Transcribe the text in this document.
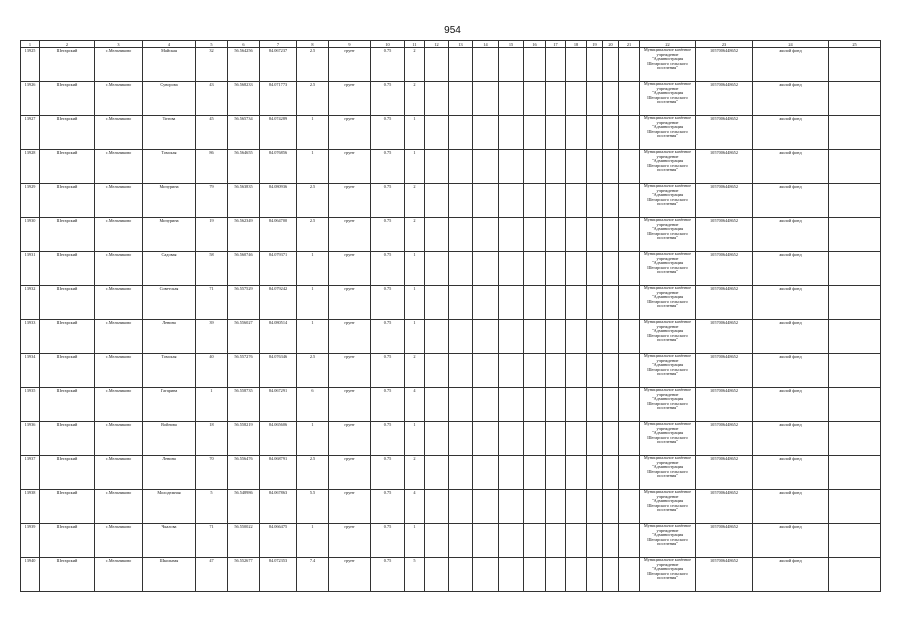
954
1	2	3	4	5	6	7	8	9	10	11	12	13	14	15	16	17	18	19	20	21	22	23	24	25
13925	Шегарский	с.Мельниково	Майская	32	56.564256	84.067237	2.5	грунт	0.75	2											Муниципальное казённое учреждение "Администрация Шегарского сельского поселения"	1057006448652	жилой фонд	
13926	Шегарский	с.Мельниково	Суворова	43	56.568233	84.071773	2.5	грунт	0.75	2											Муниципальное казённое учреждение "Администрация Шегарского сельского поселения"	1057006448652	жилой фонд	
13927	Шегарский	с.Мельниково	Титова	45	56.565734	84.074289	1	грунт	0.75	1											Муниципальное казённое учреждение "Администрация Шегарского сельского поселения"	1057006448652	жилой фонд	
13928	Шегарский	с.Мельниково	Томская	86	56.564655	84.076856	1	грунт	0.75	1											Муниципальное казённое учреждение "Администрация Шегарского сельского поселения"	1057006448652	жилой фонд	
13929	Шегарский	с.Мельниково	Мичурина	79	56.563835	84.080936	2.5	грунт	0.75	2											Муниципальное казённое учреждение "Администрация Шегарского сельского поселения"	1057006448652	жилой фонд	
13930	Шегарский	с.Мельниково	Мичурина	19	56.562349	84.064700	2.5	грунт	0.75	2											Муниципальное казённое учреждение "Администрация Шегарского сельского поселения"	1057006448652	жилой фонд	
13931	Шегарский	с.Мельниково	Садовая	58	56.560746	84.079371	1	грунт	0.75	1											Муниципальное казённое учреждение "Администрация Шегарского сельского поселения"	1057006448652	жилой фонд	
13932	Шегарский	с.Мельниково	Советская	71	56.557529	84.079242	1	грунт	0.75	1											Муниципальное казённое учреждение "Администрация Шегарского сельского поселения"	1057006448652	жилой фонд	
13933	Шегарский	с.Мельниково	Ленина	39	56.556027	84.080514	1	грунт	0.75	1											Муниципальное казённое учреждение "Администрация Шегарского сельского поселения"	1057006448652	жилой фонд	
13934	Шегарский	с.Мельниково	Томская	40	56.557276	84.076346	2.5	грунт	0.75	2											Муниципальное казённое учреждение "Администрация Шегарского сельского поселения"	1057006448652	жилой фонд	
13935	Шегарский	с.Мельниково	Гагарина	1	56.558735	84.067291	6	грунт	0.75	4											Муниципальное казённое учреждение "Администрация Шегарского сельского поселения"	1057006448652	жилой фонд	
13936	Шегарский	с.Мельниково	Войнова	18	56.558219	84.065606	1	грунт	0.75	1											Муниципальное казённое учреждение "Администрация Шегарского сельского поселения"	1057006448652	жилой фонд	
13937	Шегарский	с.Мельниково	Ленина	70	56.556476	84.068791	2.5	грунт	0.75	2											Муниципальное казённое учреждение "Администрация Шегарского сельского поселения"	1057006448652	жилой фонд	
13938	Шегарский	с.Мельниково	Молодежная	5	56.548986	84.067863	5.5	грунт	0.75	4											Муниципальное казённое учреждение "Администрация Шегарского сельского поселения"	1057006448652	жилой фонд	
13939	Шегарский	с.Мельниково	Чкалова	71	56.550022	84.066475	1	грунт	0.75	1											Муниципальное казённое учреждение "Администрация Шегарского сельского поселения"	1057006448652	жилой фонд	
13940	Шегарский	с.Мельниково	Школьная	47	56.552677	84.072353	7.4	грунт	0.75	5											Муниципальное казённое учреждение "Администрация Шегарского сельского поселения"	1057006448652	жилой фонд	
